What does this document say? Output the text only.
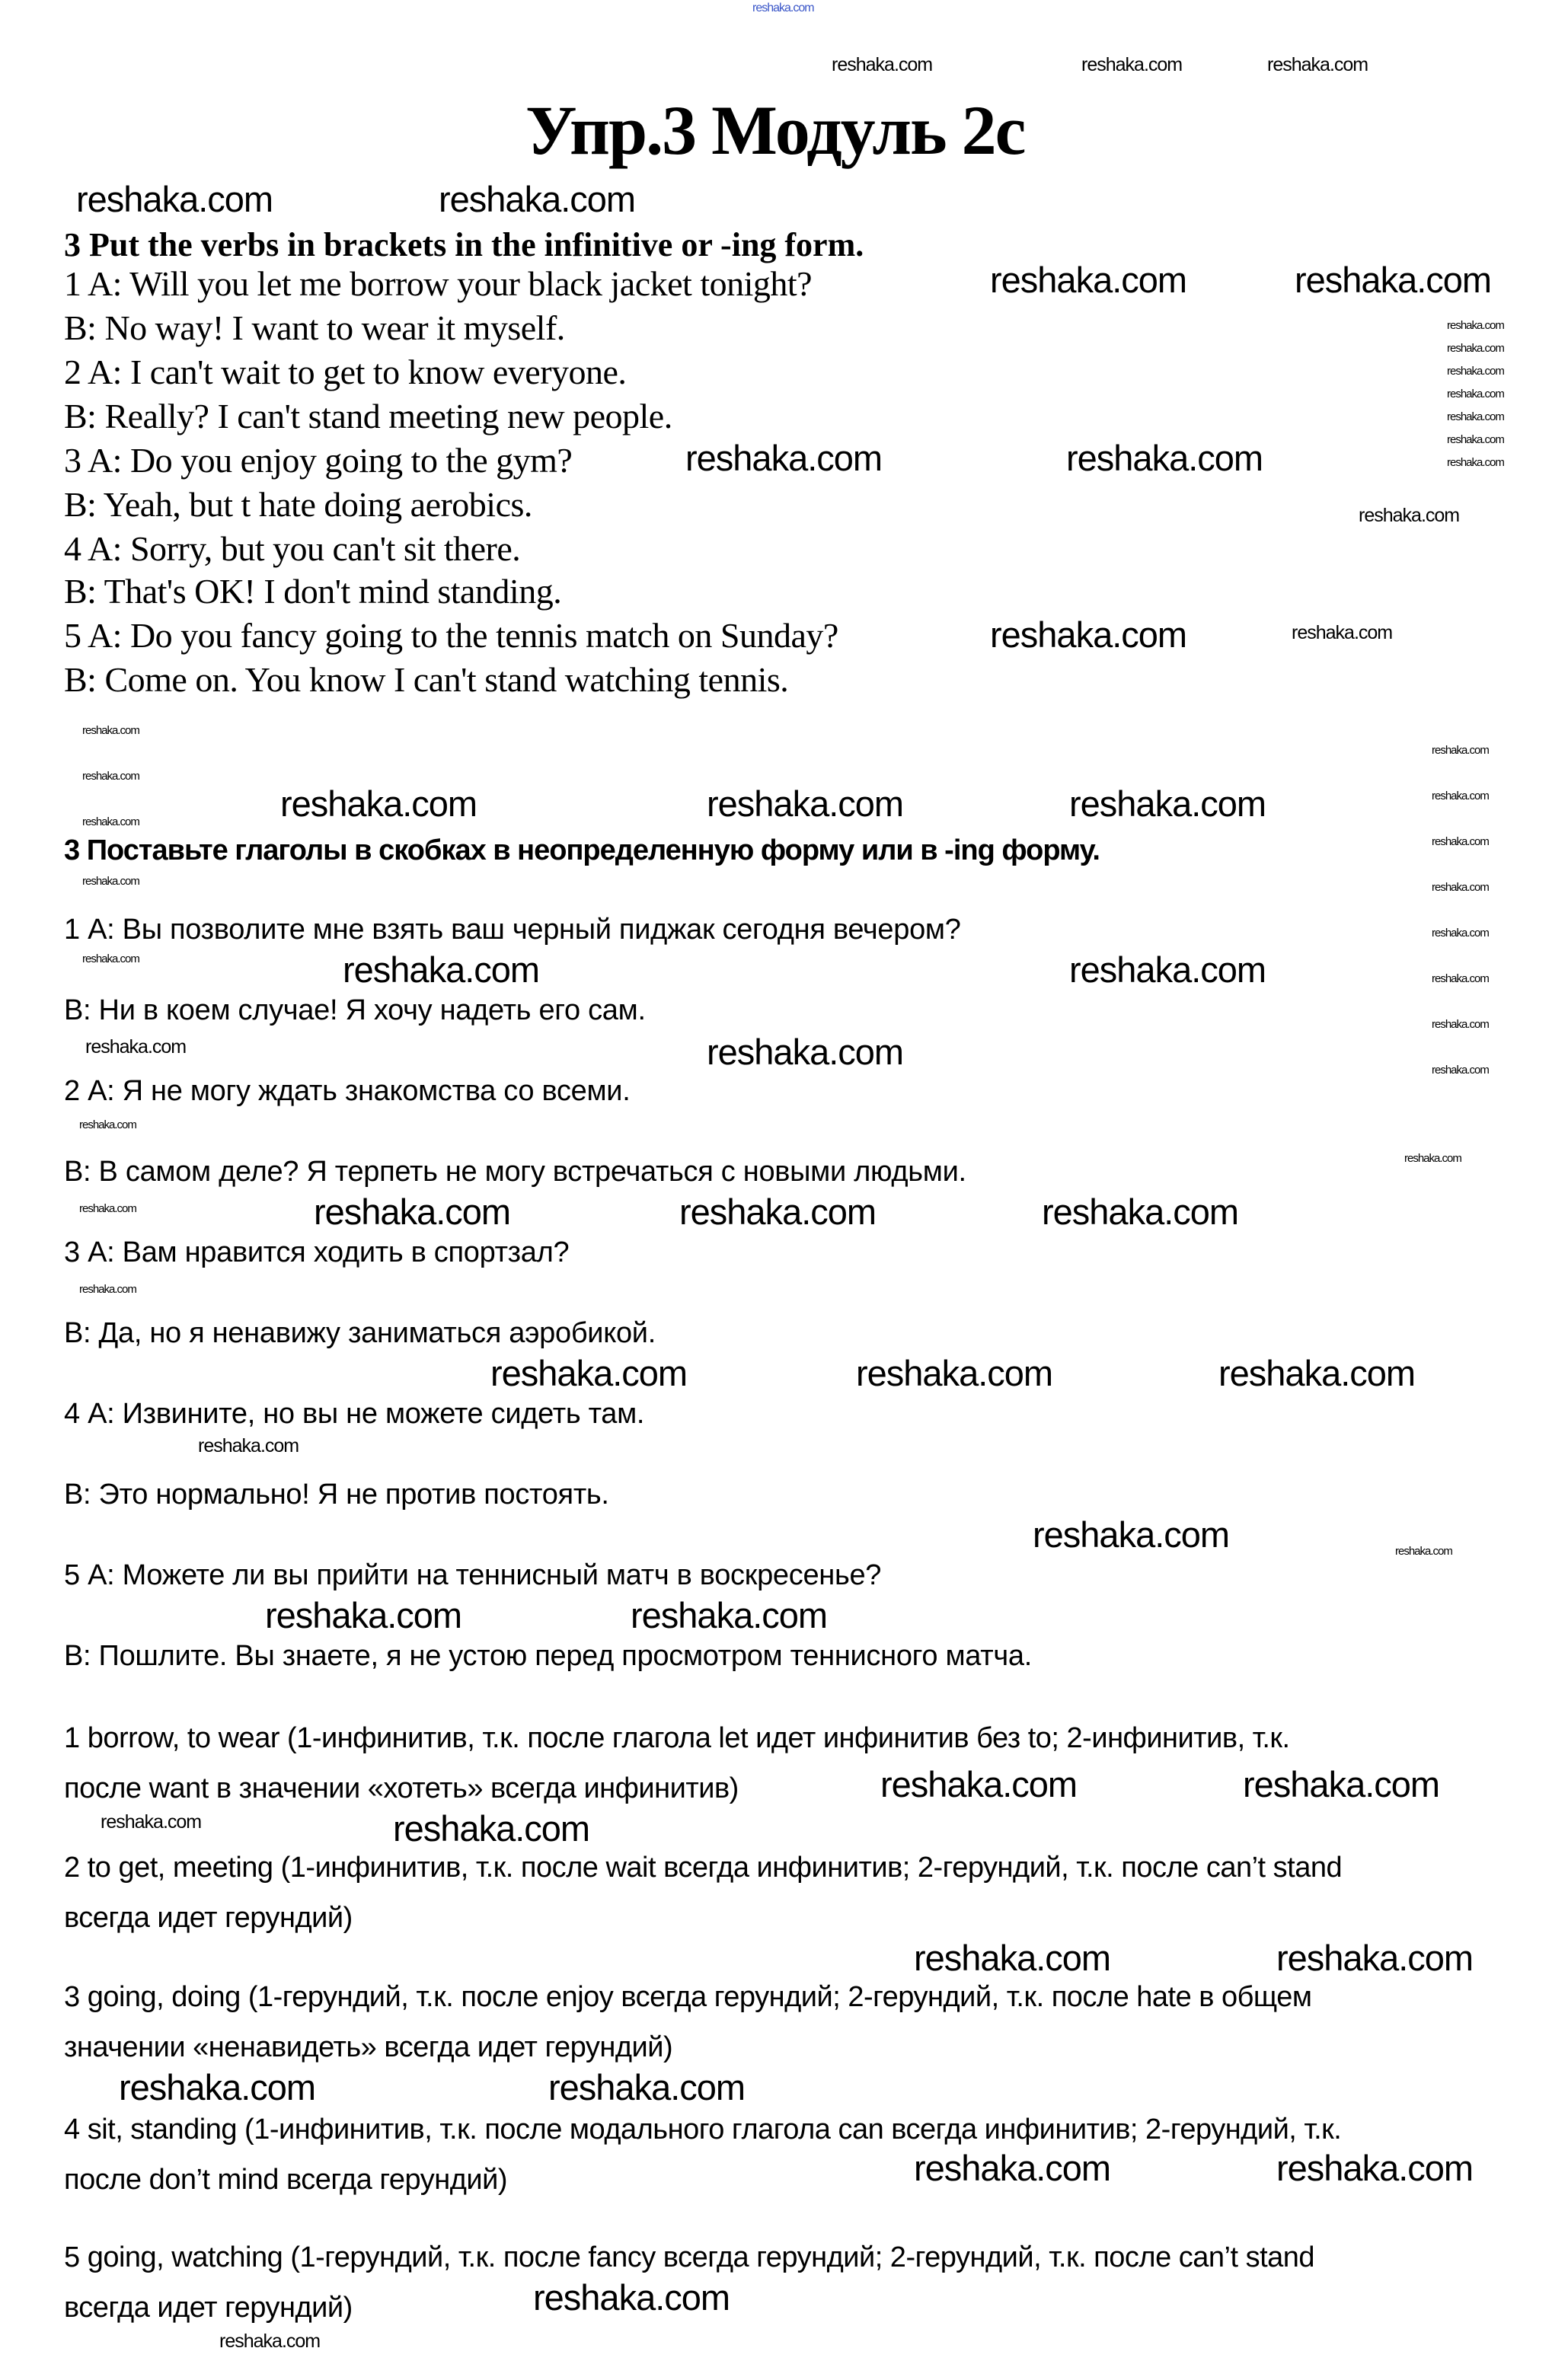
Упр.3 Модуль 2с
3 Put the verbs in brackets in the infinitive or -ing form.
3 Поставьте глаголы в скобках в неопределенную форму или в -ing форму.
1 A: Will you let me borrow your black jacket tonight?
B: No way! I want to wear it myself.
2 A: I can't wait to get to know everyone.
B: Really? I can't stand meeting new people.
3 A: Do you enjoy going to the gym?
B: Yeah, but t hate doing aerobics.
4 A: Sorry, but you can't sit there.
B: That's OK! I don't mind standing.
5 A: Do you fancy going to the tennis match on Sunday?
B: Come on. You know I can't stand watching tennis.
1 А: Вы позволите мне взять ваш черный пиджак сегодня вечером?
В: Ни в коем случае! Я хочу надеть его сам.
2 А: Я не могу ждать знакомства со всеми.
В: В самом деле? Я терпеть не могу встречаться с новыми людьми.
3 А: Вам нравится ходить в спортзал?
В: Да, но я ненавижу заниматься аэробикой.
4 А: Извините, но вы не можете сидеть там.
В: Это нормально! Я не против постоять.
5 А: Можете ли вы прийти на теннисный матч в воскресенье?
В: Пошлите. Вы знаете, я не устою перед просмотром теннисного матча.
1 borrow, to wear (1-инфинитив, т.к. после глагола let идет инфинитив без to; 2-инфинитив, т.к.
после want в значении «хотеть» всегда инфинитив)
2 to get, meeting (1-инфинитив, т.к. после wait всегда инфинитив; 2-герундий, т.к. после can’t stand
всегда идет герундий)
3 going, doing (1-герундий, т.к. после enjoy всегда герундий; 2-герундий, т.к. после hate в общем
значении «ненавидеть» всегда идет герундий)
4 sit, standing (1-инфинитив, т.к. после модального глагола can всегда инфинитив; 2-герундий, т.к.
после don’t mind всегда герундий)
5 going, watching (1-герундий, т.к. после fancy всегда герундий; 2-герундий, т.к. после can’t stand
всегда идет герундий)
reshaka.com
reshaka.com	reshaka.com	reshaka.com
reshaka.com	reshaka.com
reshaka.com	reshaka.com
reshaka.com	reshaka.com
reshaka.com
reshaka.com	reshaka.com
reshaka.com
reshaka.com
reshaka.com
reshaka.com
reshaka.com
reshaka.com
reshaka.com
reshaka.com
reshaka.com
reshaka.com	reshaka.com	reshaka.com	reshaka.com
reshaka.com
reshaka.com
reshaka.com
reshaka.com
reshaka.com
reshaka.com
reshaka.com
reshaka.com
reshaka.com
reshaka.com
reshaka.com	reshaka.com
reshaka.com
reshaka.com
reshaka.com
reshaka.com
reshaka.com	reshaka.com	reshaka.com
reshaka.com
reshaka.com
reshaka.com	reshaka.com	reshaka.com
reshaka.com
reshaka.com	reshaka.com
reshaka.com	reshaka.com
reshaka.com	reshaka.com
reshaka.com	reshaka.com
reshaka.com	reshaka.com
reshaka.com	reshaka.com
reshaka.com	reshaka.com
reshaka.com
reshaka.com
